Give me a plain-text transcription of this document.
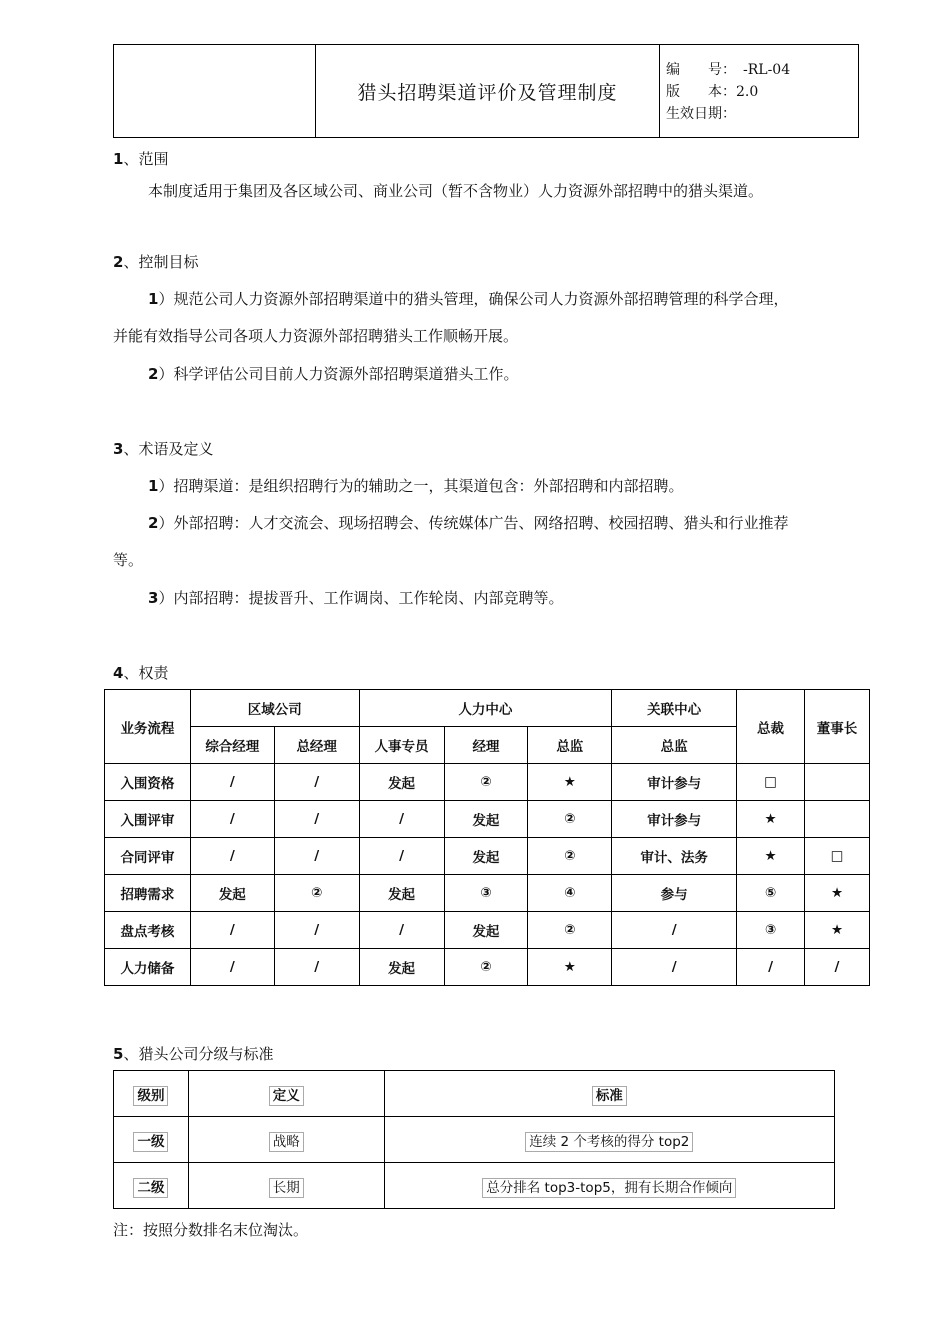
猎头招聘渠道评价及管理制度
编　　号：　-RL-04
版　　本：2.0
生效日期：
1、范围
本制度适用于集团及各区域公司、商业公司（暂不含物业）人力资源外部招聘中的猎头渠道。
2、控制目标
1）规范公司人力资源外部招聘渠道中的猎头管理，确保公司人力资源外部招聘管理的科学合理，
并能有效指导公司各项人力资源外部招聘猎头工作顺畅开展。
2）科学评估公司目前人力资源外部招聘渠道猎头工作。
3、术语及定义
1）招聘渠道：是组织招聘行为的辅助之一，其渠道包含：外部招聘和内部招聘。
2）外部招聘：人才交流会、现场招聘会、传统媒体广告、网络招聘、校园招聘、猎头和行业推荐
等。
3）内部招聘：提拔晋升、工作调岗、工作轮岗、内部竞聘等。
4、权责
业务流程	区域公司		人力中心			关联中心	总裁	董事长
	综合经理	总经理	人事专员	经理	总监	总监		
入围资格	/	/	发起	②	★	审计参与	□	
入围评审	/	/	/	发起	②	审计参与	★	
合同评审	/	/	/	发起	②	审计、法务	★	□
招聘需求	发起	②	发起	③	④	参与	⑤	★
盘点考核	/	/	/	发起	②	/	③	★
人力储备	/	/	发起	②	★	/	/	/
5、猎头公司分级与标准
级别	定义	标准
一级	战略	连续 2 个考核的得分 top2
二级	长期	总分排名 top3-top5，拥有长期合作倾向
注：按照分数排名末位淘汰。
